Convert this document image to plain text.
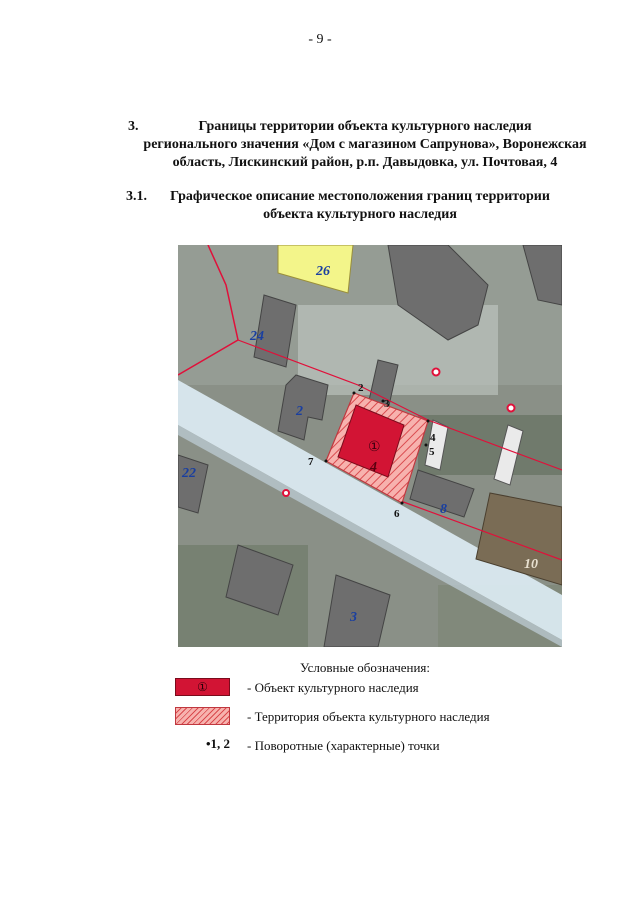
- 9 -
3.	Границы территории объекта культурного наследия
регионального значения «Дом с магазином Сапрунова», Воронежская
область, Лискинский район, р.п. Давыдовка, ул. Почтовая, 4
3.1.	Графическое описание местоположения границ территории
объекта культурного наследия
①
2
3
4
5
6
7
26
24
2
22
8
10
3
4
Условные обозначения:
①	- Объект культурного наследия
- Территория объекта культурного наследия
•1, 2 - Поворотные (характерные) точки
